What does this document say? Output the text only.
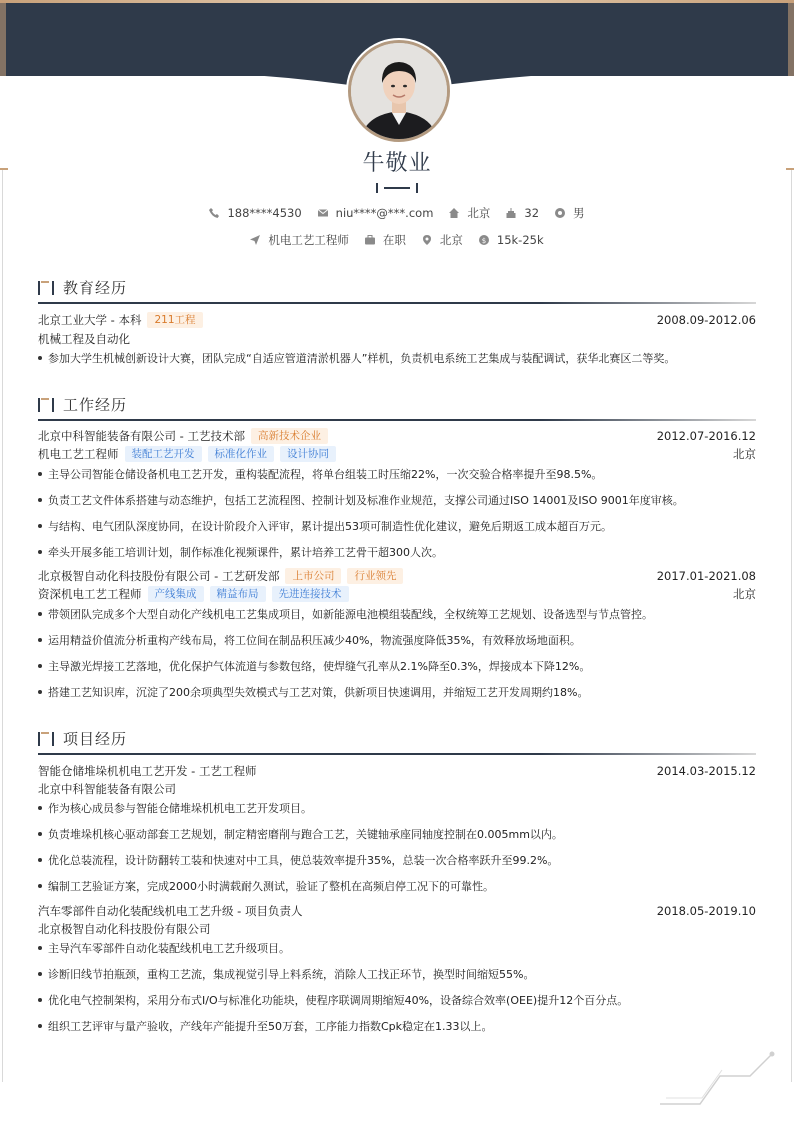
牛敬业
188****4530	niu****@***.com	北京	32	男
机电工艺工程师	在职	北京	$ 15k-25k
教育经历
北京工业大学 - 本科	211工程	2008.09-2012.06
机械工程及自动化
参加大学生机械创新设计大赛，团队完成“自适应管道清淤机器人”样机，负责机电系统工艺集成与装配调试，获华北赛区二等奖。
工作经历
北京中科智能装备有限公司 - 工艺技术部	高新技术企业	2012.07-2016.12
机电工艺工程师	装配工艺开发	标准化作业	设计协同	北京
主导公司智能仓储设备机电工艺开发，重构装配流程，将单台组装工时压缩22%，一次交验合格率提升至98.5%。
负责工艺文件体系搭建与动态维护，包括工艺流程图、控制计划及标准作业规范，支撑公司通过ISO 14001及ISO 9001年度审核。
与结构、电气团队深度协同，在设计阶段介入评审，累计提出53项可制造性优化建议，避免后期返工成本超百万元。
牵头开展多能工培训计划，制作标准化视频课件，累计培养工艺骨干超300人次。
北京极智自动化科技股份有限公司 - 工艺研发部	上市公司	行业领先	2017.01-2021.08
资深机电工艺工程师	产线集成	精益布局	先进连接技术	北京
带领团队完成多个大型自动化产线机电工艺集成项目，如新能源电池模组装配线，全权统筹工艺规划、设备选型与节点管控。
运用精益价值流分析重构产线布局，将工位间在制品积压减少40%，物流强度降低35%，有效释放场地面积。
主导激光焊接工艺落地，优化保护气体流道与参数包络，使焊缝气孔率从2.1%降至0.3%，焊接成本下降12%。
搭建工艺知识库，沉淀了200余项典型失效模式与工艺对策，供新项目快速调用，并缩短工艺开发周期约18%。
项目经历
智能仓储堆垛机机电工艺开发 - 工艺工程师	2014.03-2015.12
北京中科智能装备有限公司
作为核心成员参与智能仓储堆垛机机电工艺开发项目。
负责堆垛机核心驱动部套工艺规划，制定精密磨削与跑合工艺，关键轴承座同轴度控制在0.005mm以内。
优化总装流程，设计防翻转工装和快速对中工具，使总装效率提升35%，总装一次合格率跃升至99.2%。
编制工艺验证方案，完成2000小时满载耐久测试，验证了整机在高频启停工况下的可靠性。
汽车零部件自动化装配线机电工艺升级 - 项目负责人	2018.05-2019.10
北京极智自动化科技股份有限公司
主导汽车零部件自动化装配线机电工艺升级项目。
诊断旧线节拍瓶颈，重构工艺流，集成视觉引导上料系统，消除人工找正环节，换型时间缩短55%。
优化电气控制架构，采用分布式I/O与标准化功能块，使程序联调周期缩短40%，设备综合效率(OEE)提升12个百分点。
组织工艺评审与量产验收，产线年产能提升至50万套，工序能力指数Cpk稳定在1.33以上。
